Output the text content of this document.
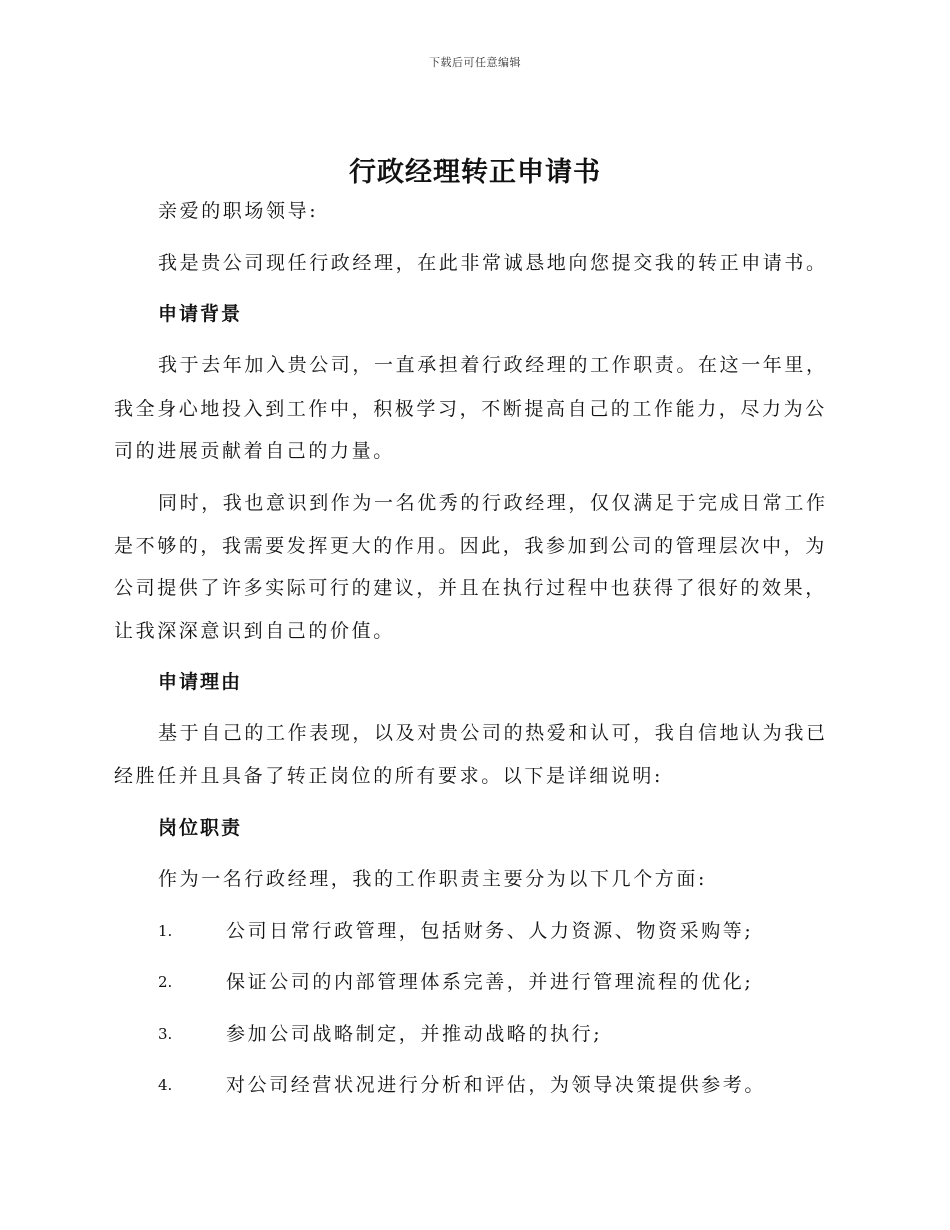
下载后可任意编辑
行政经理转正申请书
亲爱的职场领导:
我是贵公司现任行政经理，在此非常诚恳地向您提交我的转正申请书。
申请背景
我于去年加入贵公司，一直承担着行政经理的工作职责。在这一年里，
我全身心地投入到工作中，积极学习，不断提高自己的工作能力，尽力为公
司的进展贡献着自己的力量。
同时，我也意识到作为一名优秀的行政经理，仅仅满足于完成日常工作
是不够的，我需要发挥更大的作用。因此，我参加到公司的管理层次中，为
公司提供了许多实际可行的建议，并且在执行过程中也获得了很好的效果，
让我深深意识到自己的价值。
申请理由
基于自己的工作表现，以及对贵公司的热爱和认可，我自信地认为我已
经胜任并且具备了转正岗位的所有要求。以下是详细说明:
岗位职责
作为一名行政经理，我的工作职责主要分为以下几个方面:
1.	公司日常行政管理，包括财务、人力资源、物资采购等;
2.	保证公司的内部管理体系完善，并进行管理流程的优化;
3.	参加公司战略制定，并推动战略的执行;
4.	对公司经营状况进行分析和评估，为领导决策提供参考。
